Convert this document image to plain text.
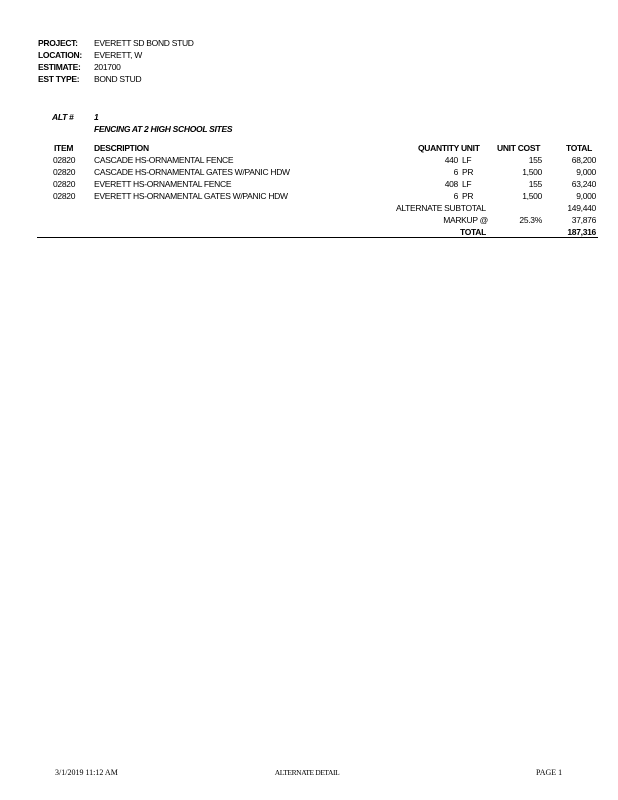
PROJECT:	EVERETT SD BOND STUD
LOCATION:	EVERETT, W
ESTIMATE:	201700
EST TYPE:	BOND STUD
ALT #	1
FENCING AT 2 HIGH SCHOOL SITES
ITEM	DESCRIPTION	QUANTITY UNIT	UNIT COST	TOTAL
02820	CASCADE HS-ORNAMENTAL FENCE	440 LF	155	68,200
02820	CASCADE HS-ORNAMENTAL GATES W/PANIC HDW	6 PR	1,500	9,000
02820	EVERETT HS-ORNAMENTAL FENCE	408 LF	155	63,240
02820	EVERETT HS-ORNAMENTAL GATES W/PANIC HDW	6 PR	1,500	9,000
ALTERNATE SUBTOTAL	149,440
MARKUP @	25.3%	37,876
TOTAL	187,316
3/1/2019 11:12 AM	ALTERNATE DETAIL	PAGE 1
